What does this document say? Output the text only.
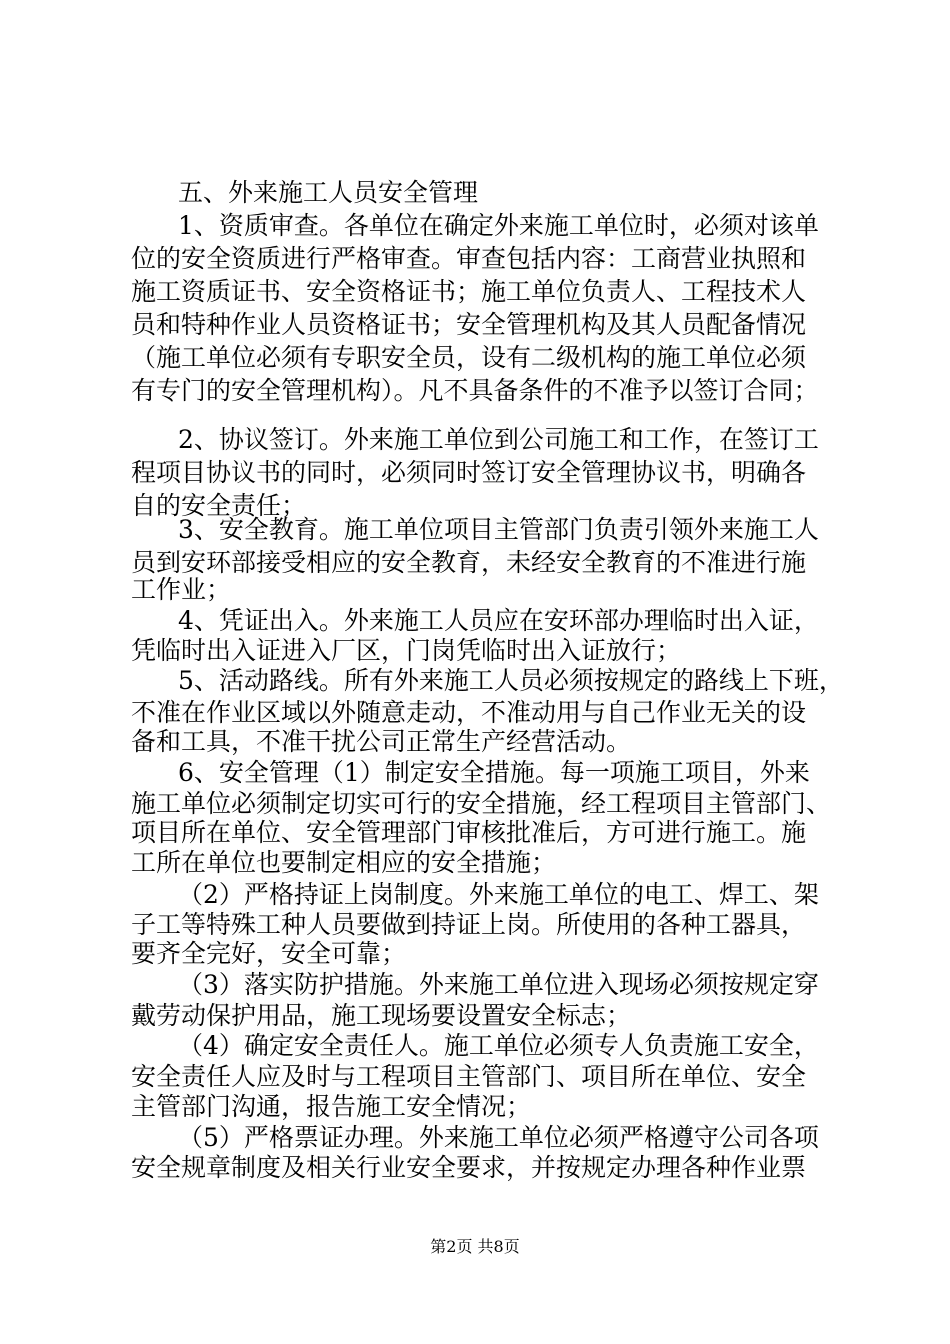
五、外来施工人员安全管理
1、资质审查。各单位在确定外来施工单位时，必须对该单
位的安全资质进行严格审查。审查包括内容：工商营业执照和
施工资质证书、安全资格证书；施工单位负责人、工程技术人
员和特种作业人员资格证书；安全管理机构及其人员配备情况
（施工单位必须有专职安全员，设有二级机构的施工单位必须
有专门的安全管理机构）。凡不具备条件的不准予以签订合同；
2、协议签订。外来施工单位到公司施工和工作，在签订工
程项目协议书的同时，必须同时签订安全管理协议书，明确各
自的安全责任；
3、安全教育。施工单位项目主管部门负责引领外来施工人
员到安环部接受相应的安全教育，未经安全教育的不准进行施
工作业；
4、凭证出入。外来施工人员应在安环部办理临时出入证，
凭临时出入证进入厂区，门岗凭临时出入证放行；
5、活动路线。所有外来施工人员必须按规定的路线上下班，
不准在作业区域以外随意走动，不准动用与自己作业无关的设
备和工具，不准干扰公司正常生产经营活动。
6、安全管理（1）制定安全措施。每一项施工项目，外来
施工单位必须制定切实可行的安全措施，经工程项目主管部门、
项目所在单位、安全管理部门审核批准后，方可进行施工。施
工所在单位也要制定相应的安全措施；
（2）严格持证上岗制度。外来施工单位的电工、焊工、架
子工等特殊工种人员要做到持证上岗。所使用的各种工器具，
要齐全完好，安全可靠；
（3）落实防护措施。外来施工单位进入现场必须按规定穿
戴劳动保护用品，施工现场要设置安全标志；
（4）确定安全责任人。施工单位必须专人负责施工安全，
安全责任人应及时与工程项目主管部门、项目所在单位、安全
主管部门沟通，报告施工安全情况；
（5）严格票证办理。外来施工单位必须严格遵守公司各项
安全规章制度及相关行业安全要求，并按规定办理各种作业票
第2页 共8页
